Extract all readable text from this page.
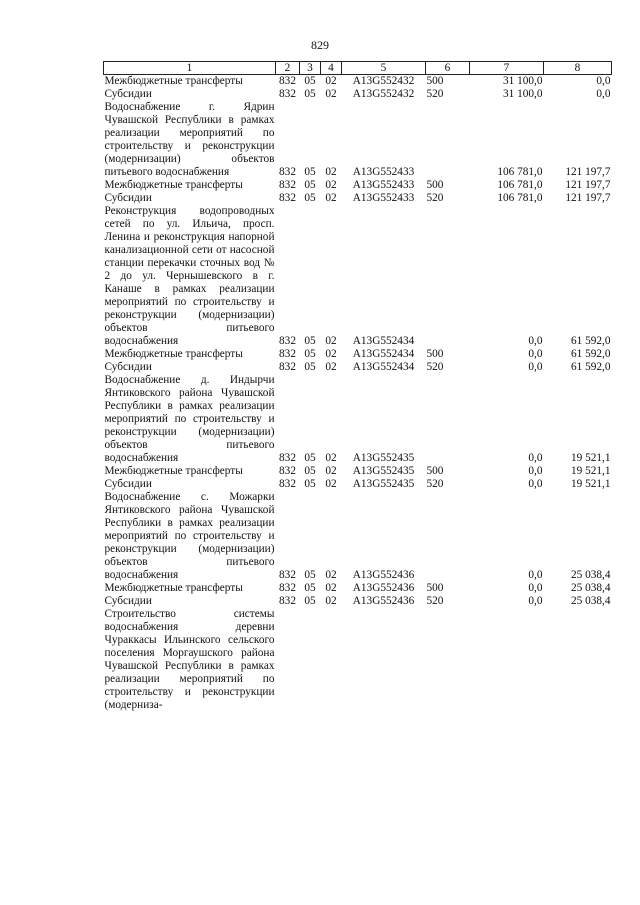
829
1	2	3	4	5	6	7	8
Межбюджетные трансферты	832	05	02	A13G552432	500	31 100,0	0,0
Субсидии	832	05	02	A13G552432	520	31 100,0	0,0
Водоснабжение г. Ядрин Чувашской Республики в рамках реализации мероприятий по строительству и реконструкции (модернизации) объектов питьевого водоснабжения	832	05	02	A13G552433		106 781,0	121 197,7
Межбюджетные трансферты	832	05	02	A13G552433	500	106 781,0	121 197,7
Субсидии	832	05	02	A13G552433	520	106 781,0	121 197,7
Реконструкция водопроводных сетей по ул. Ильича, просп. Ленина и реконструкция напорной канализационной сети от насосной станции перекачки сточных вод № 2 до ул. Чернышевского в г. Канаше в рамках реализации мероприятий по строительству и реконструкции (модернизации) объектов питьевого водоснабжения	832	05	02	A13G552434		0,0	61 592,0
Межбюджетные трансферты	832	05	02	A13G552434	500	0,0	61 592,0
Субсидии	832	05	02	A13G552434	520	0,0	61 592,0
Водоснабжение д. Индырчи Янтиковского района Чувашской Республики в рамках реализации мероприятий по строительству и реконструкции (модернизации) объектов питьевого водоснабжения	832	05	02	A13G552435		0,0	19 521,1
Межбюджетные трансферты	832	05	02	A13G552435	500	0,0	19 521,1
Субсидии	832	05	02	A13G552435	520	0,0	19 521,1
Водоснабжение с. Можарки Янтиковского района Чувашской Республики в рамках реализации мероприятий по строительству и реконструкции (модернизации) объектов питьевого водоснабжения	832	05	02	A13G552436		0,0	25 038,4
Межбюджетные трансферты	832	05	02	A13G552436	500	0,0	25 038,4
Субсидии	832	05	02	A13G552436	520	0,0	25 038,4
Строительство системы водоснабжения деревни Чураккасы Ильинского сельского поселения Моргаушского района Чувашской Республики в рамках реализации мероприятий по строительству и реконструкции (модерниза-							
